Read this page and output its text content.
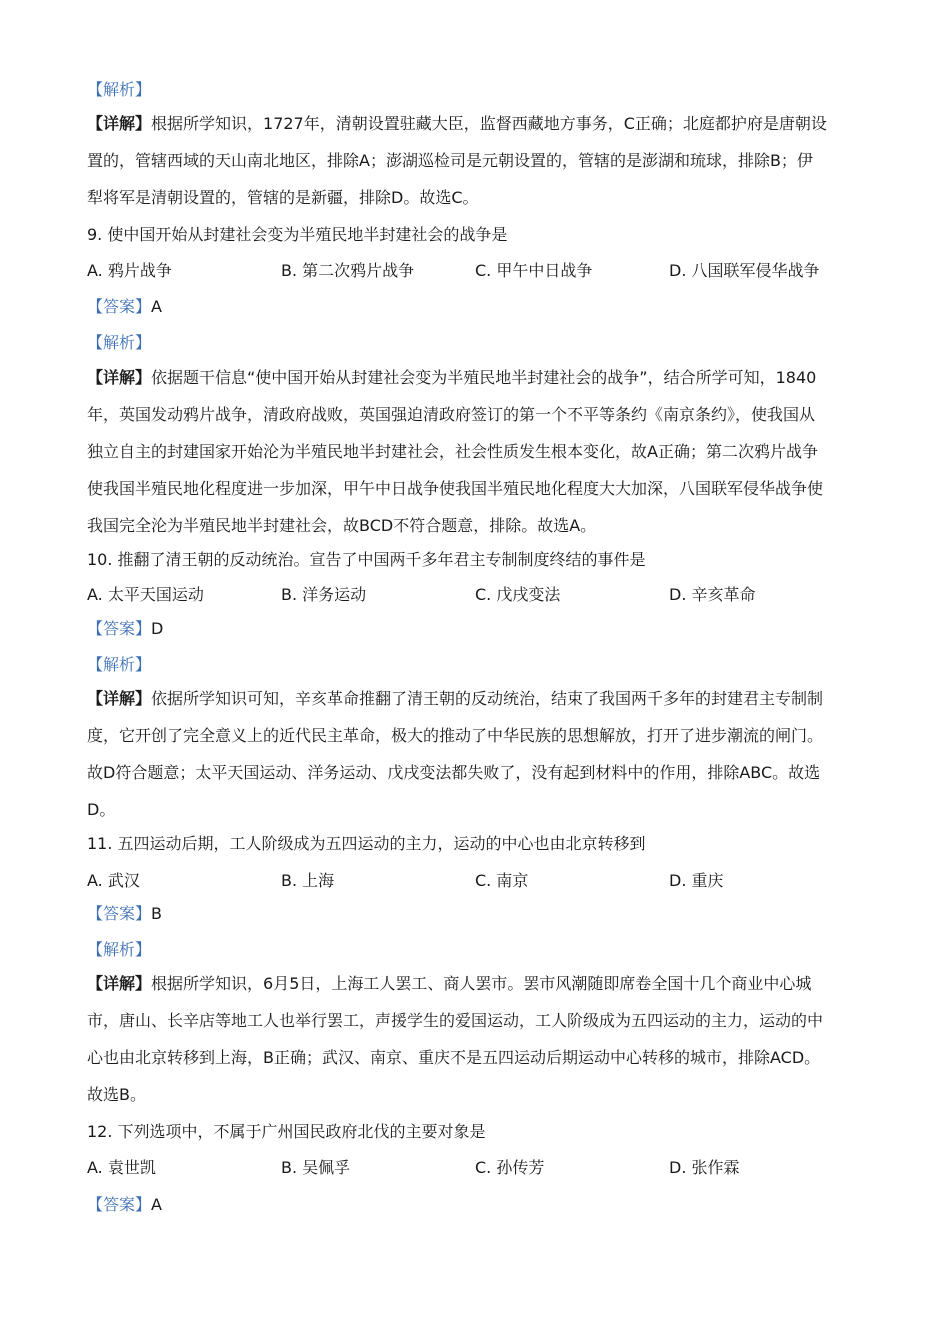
【解析】
【详解】根据所学知识，1727年，清朝设置驻藏大臣，监督西藏地方事务，C正确；北庭都护府是唐朝设
置的，管辖西域的天山南北地区，排除A；澎湖巡检司是元朝设置的，管辖的是澎湖和琉球，排除B；伊
犁将军是清朝设置的，管辖的是新疆，排除D。故选C。
9. 使中国开始从封建社会变为半殖民地半封建社会的战争是
A. 鸦片战争	B. 第二次鸦片战争	C. 甲午中日战争	D. 八国联军侵华战争
【答案】A
【解析】
【详解】依据题干信息“使中国开始从封建社会变为半殖民地半封建社会的战争”，结合所学可知，1840
年，英国发动鸦片战争，清政府战败，英国强迫清政府签订的第一个不平等条约《南京条约》，使我国从
独立自主的封建国家开始沦为半殖民地半封建社会，社会性质发生根本变化，故A正确；第二次鸦片战争
使我国半殖民地化程度进一步加深，甲午中日战争使我国半殖民地化程度大大加深，八国联军侵华战争使
我国完全沦为半殖民地半封建社会，故BCD不符合题意，排除。故选A。
10. 推翻了清王朝的反动统治。宣告了中国两千多年君主专制制度终结的事件是
A. 太平天国运动	B. 洋务运动	C. 戊戌变法	D. 辛亥革命
【答案】D
【解析】
【详解】依据所学知识可知，辛亥革命推翻了清王朝的反动统治，结束了我国两千多年的封建君主专制制
度，它开创了完全意义上的近代民主革命，极大的推动了中华民族的思想解放，打开了进步潮流的闸门。
故D符合题意；太平天国运动、洋务运动、戊戌变法都失败了，没有起到材料中的作用，排除ABC。故选
D。
11. 五四运动后期，工人阶级成为五四运动的主力，运动的中心也由北京转移到
A. 武汉	B. 上海	C. 南京	D. 重庆
【答案】B
【解析】
【详解】根据所学知识，6月5日，上海工人罢工、商人罢市。罢市风潮随即席卷全国十几个商业中心城
市，唐山、长辛店等地工人也举行罢工，声援学生的爱国运动，工人阶级成为五四运动的主力，运动的中
心也由北京转移到上海，B正确；武汉、南京、重庆不是五四运动后期运动中心转移的城市，排除ACD。
故选B。
12. 下列选项中，不属于广州国民政府北伐的主要对象是
A. 袁世凯	B. 吴佩孚	C. 孙传芳	D. 张作霖
【答案】A
